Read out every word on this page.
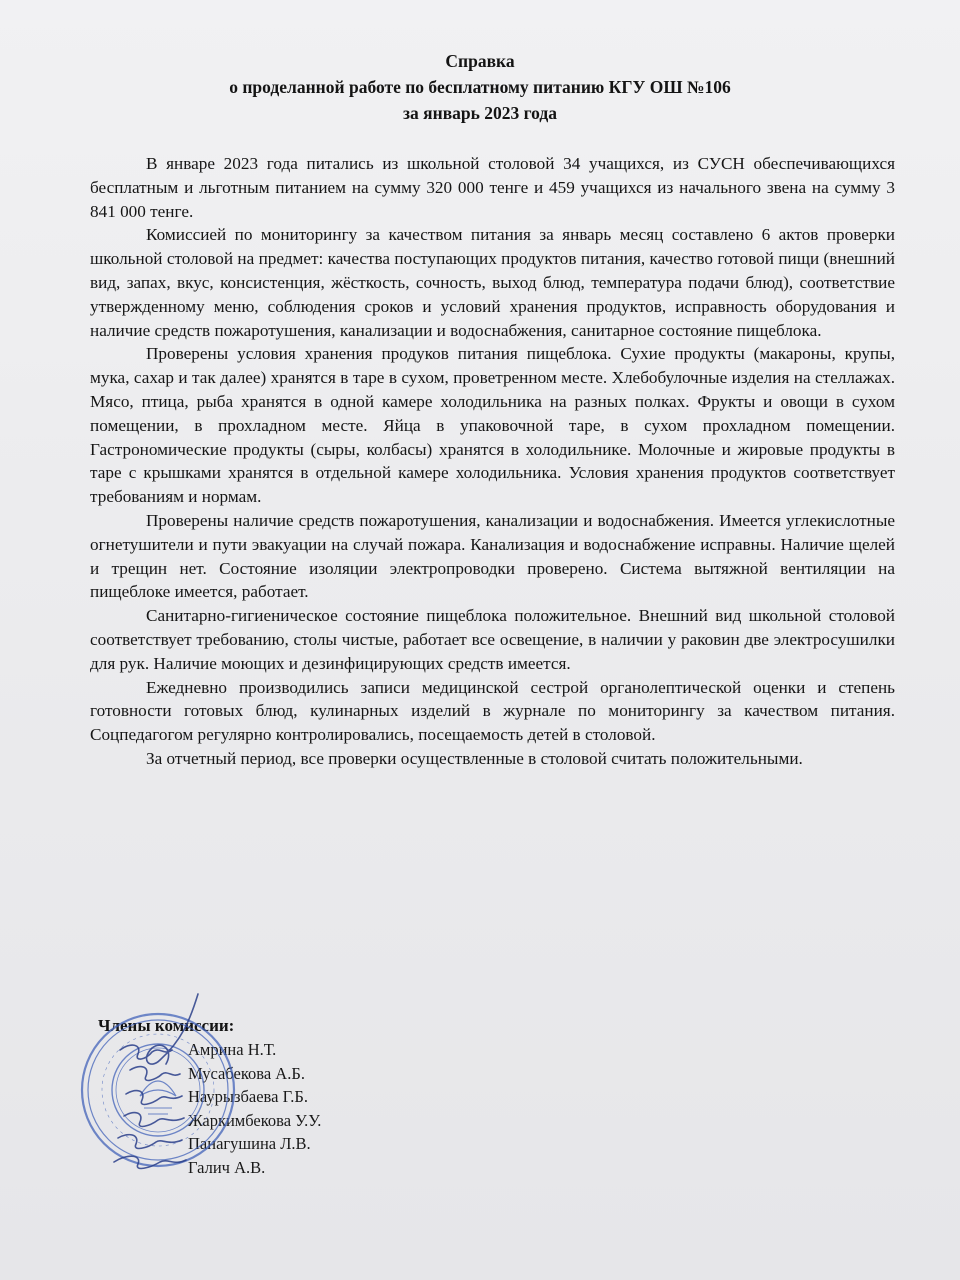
Справка
о проделанной работе по бесплатному питанию КГУ ОШ №106
за январь 2023 года

В январе 2023 года питались из школьной столовой 34 учащихся, из СУСН обеспечивающихся бесплатным и льготным питанием на сумму 320 000 тенге и 459 учащихся из начального звена на сумму 3 841 000 тенге.

Комиссией по мониторингу за качеством питания за январь месяц составлено 6 актов проверки школьной столовой на предмет: качества поступающих продуктов питания, качество готовой пищи (внешний вид, запах, вкус, консистенция, жёсткость, сочность, выход блюд, температура подачи блюд), соответствие утвержденному меню, соблюдения сроков и условий хранения продуктов, исправность оборудования и наличие средств пожаротушения, канализации и водоснабжения, санитарное состояние пищеблока.

Проверены условия хранения продуков питания пищеблока. Сухие продукты (макароны, крупы, мука, сахар и так далее) хранятся в таре в сухом, проветренном месте. Хлебобулочные изделия на стеллажах. Мясо, птица, рыба хранятся в одной камере холодильника на разных полках. Фрукты и овощи в сухом помещении, в прохладном месте. Яйца в упаковочной таре, в сухом прохладном помещении. Гастрономические продукты (сыры, колбасы) хранятся в холодильнике. Молочные и жировые продукты в таре с крышками хранятся в отдельной камере холодильника. Условия хранения продуктов соответствует требованиям и нормам.

Проверены наличие средств пожаротушения, канализации и водоснабжения. Имеется углекислотные огнетушители и пути эвакуации на случай пожара. Канализация и водоснабжение исправны. Наличие щелей и трещин нет. Состояние изоляции электропроводки проверено. Система вытяжной вентиляции на пищеблоке имеется, работает.

Санитарно-гигиеническое состояние пищеблока положительное. Внешний вид школьной столовой соответствует требованию, столы чистые, работает все освещение, в наличии у раковин две электросушилки для рук. Наличие моющих и дезинфицирующих средств имеется.

Ежедневно производились записи медицинской сестрой органолептической оценки и степень готовности готовых блюд, кулинарных изделий в журнале по мониторингу за качеством питания. Соцпедагогом регулярно контролировались, посещаемость детей в столовой.

За отчетный период, все проверки осуществленные в столовой считать положительными.

Члены комиссии:
Амрина Н.Т.
Мусабекова А.Б.
Наурызбаева Г.Б.
Жаркимбекова У.У.
Панагушина Л.В.
Галич А.В.
